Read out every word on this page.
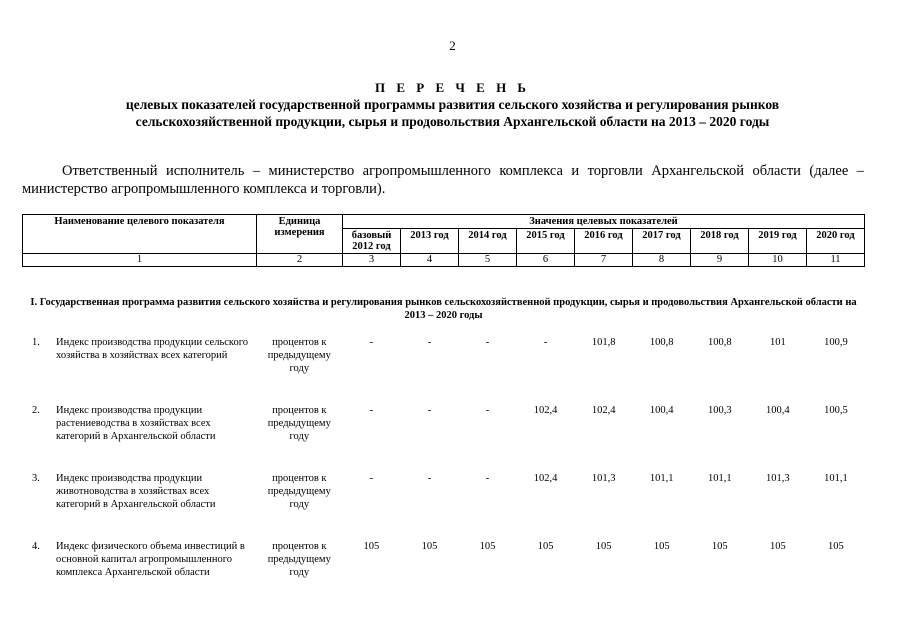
2
П Е Р Е Ч Е Н Ь
целевых показателей государственной программы развития сельского хозяйства и регулирования рынков
сельскохозяйственной продукции, сырья и продовольствия Архангельской области на 2013 – 2020 годы
Ответственный исполнитель – министерство агропромышленного комплекса и торговли Архангельской области (далее – министерство агропромышленного комплекса и торговли).
Наименование целевого показателя	Единица измерения	Значения целевых показателей								
		базовый 2012 год	2013 год	2014 год	2015 год	2016 год	2017 год	2018 год	2019 год	2020 год
1	2	3	4	5	6	7	8	9	10	11
I. Государственная программа развития сельского хозяйства и регулирования рынков сельскохозяйственной продукции, сырья и продовольствия Архангельской области на 2013 – 2020 годы
1.	Индекс производства продукции сельского хозяйства в хозяйствах всех категорий	процентов к предыдущему году	-	-	-	-	101,8	100,8	100,8	101	100,9
2.	Индекс производства продукции растениеводства в хозяйствах всех категорий в Архангельской области	процентов к предыдущему году	-	-	-	102,4	102,4	100,4	100,3	100,4	100,5
3.	Индекс производства продукции животноводства в хозяйствах всех категорий в Архангельской области	процентов к предыдущему году	-	-	-	102,4	101,3	101,1	101,1	101,3	101,1
4.	Индекс физического объема инвестиций в основной капитал агропромышленного комплекса Архангельской области	процентов к предыдущему году	105	105	105	105	105	105	105	105	105
